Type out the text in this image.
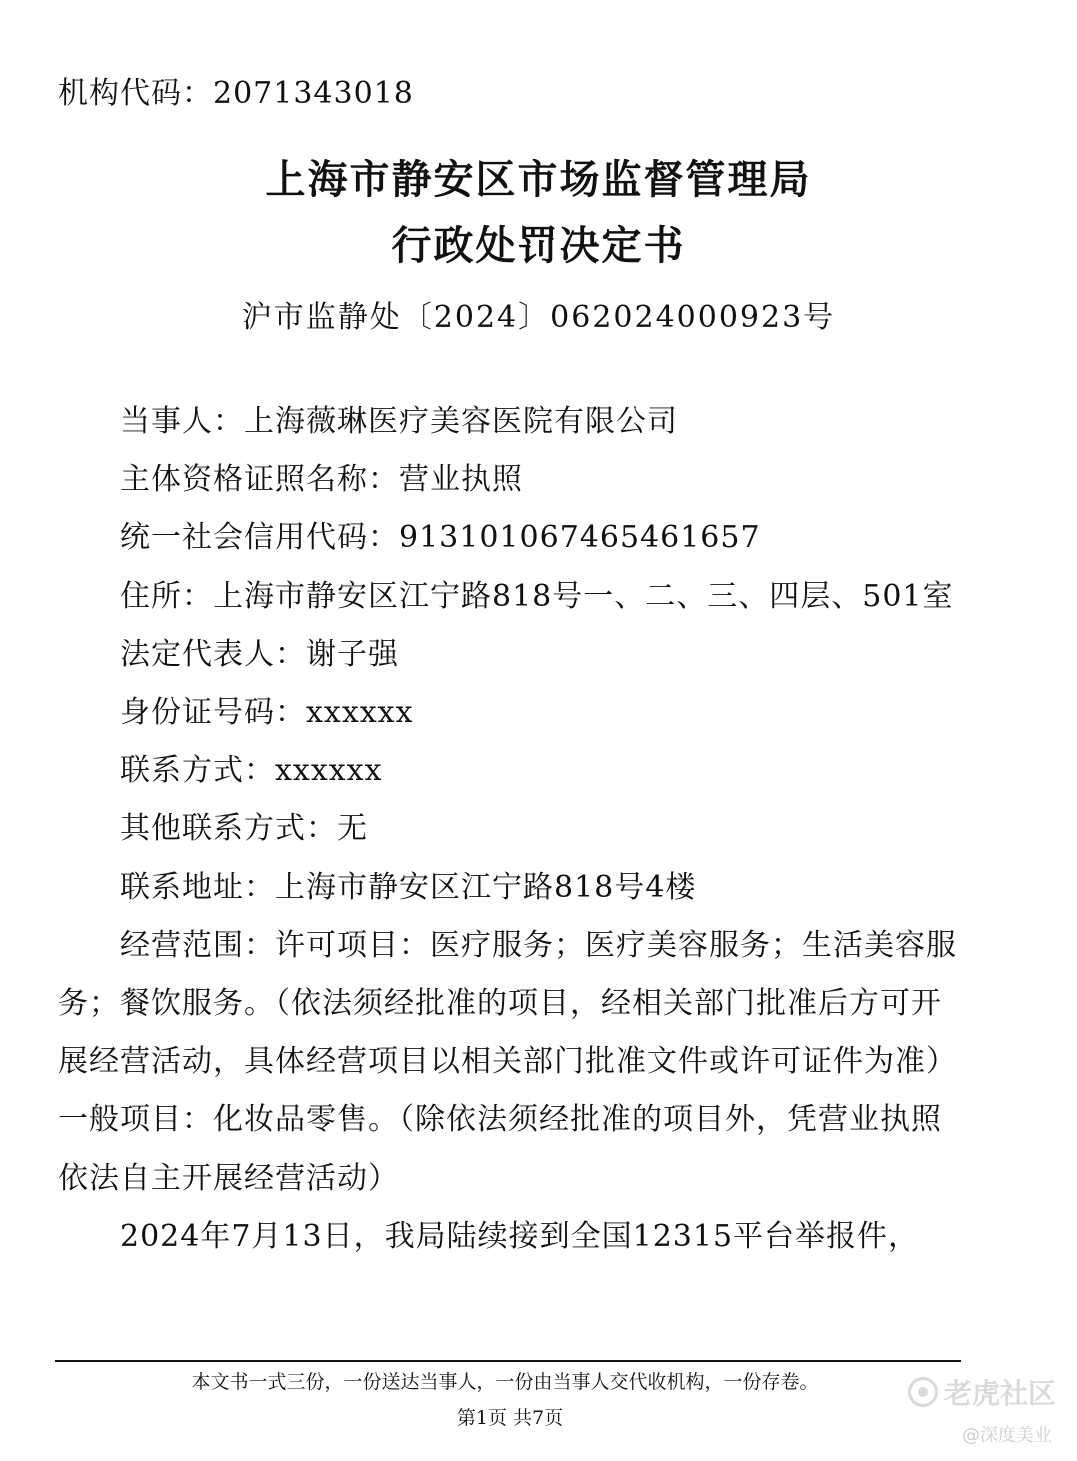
机构代码：2071343018
上海市静安区市场监督管理局
行政处罚决定书
沪市监静处〔2024〕062024000923号

当事人：上海薇琳医疗美容医院有限公司

主体资格证照名称：营业执照

统一社会信用代码：91310106746546165​7

住所：上海市静安区江宁路818号一、二、三、四层、501室

法定代表人：谢子强

身份证号码：xxxxxx

联系方式：xxxxxx

其他联系方式：无

联系地址：上海市静安区江宁路818号4楼

经营范围：许可项目：医疗服务；医疗美容服务；生活美容服务；餐饮服务。（依法须经批准的项目，经相关部门批准后方可开展经营活动，具体经营项目以相关部门批准文件或许可证件为准） 一般项目：化妆品零售。（除依法须经批准的项目外，凭营业执照依法自主开展经营活动）

2024年7月13日，我局陆续接到全国12315平台举报件，

本文书一式三份，一份送达当事人，一份由当事人交代收机构，一份存卷。
第1页 共7页
老虎社区
@深度美业
